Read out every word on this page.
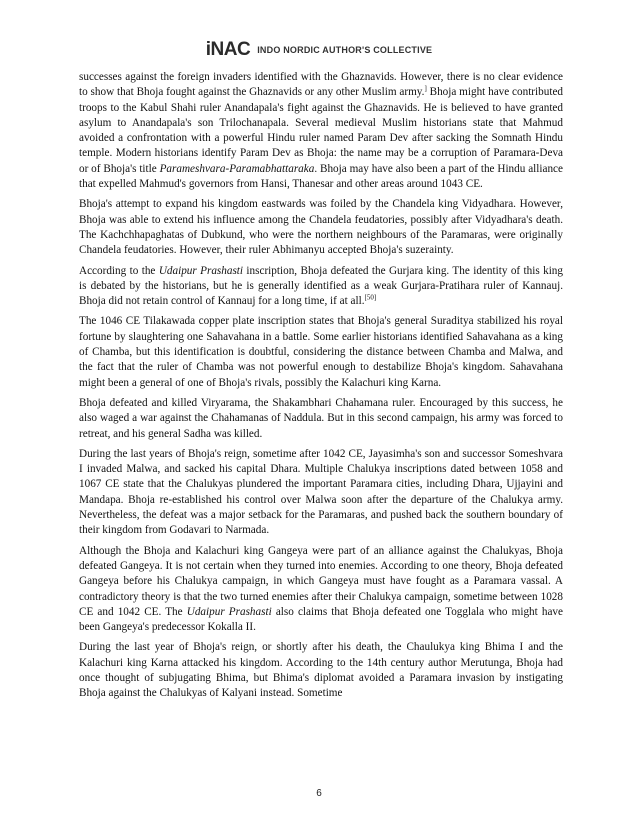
iNAC INDO NORDIC AUTHOR'S COLLECTIVE

successes against the foreign invaders identified with the Ghaznavids. However, there is no clear evidence to show that Bhoja fought against the Ghaznavids or any other Muslim army.] Bhoja might have contributed troops to the Kabul Shahi ruler Anandapala's fight against the Ghaznavids. He is believed to have granted asylum to Anandapala's son Trilochanapala. Several medieval Muslim historians state that Mahmud avoided a confrontation with a powerful Hindu ruler named Param Dev after sacking the Somnath Hindu temple. Modern historians identify Param Dev as Bhoja: the name may be a corruption of Paramara-Deva or of Bhoja's title Parameshvara-Paramabhattaraka. Bhoja may have also been a part of the Hindu alliance that expelled Mahmud's governors from Hansi, Thanesar and other areas around 1043 CE.

Bhoja's attempt to expand his kingdom eastwards was foiled by the Chandela king Vidyadhara. However, Bhoja was able to extend his influence among the Chandela feudatories, possibly after Vidyadhara's death. The Kachchhapaghatas of Dubkund, who were the northern neighbours of the Paramaras, were originally Chandela feudatories. However, their ruler Abhimanyu accepted Bhoja's suzerainty.

According to the Udaipur Prashasti inscription, Bhoja defeated the Gurjara king. The identity of this king is debated by the historians, but he is generally identified as a weak Gurjara-Pratihara ruler of Kannauj. Bhoja did not retain control of Kannauj for a long time, if at all.[50]

The 1046 CE Tilakawada copper plate inscription states that Bhoja's general Suraditya stabilized his royal fortune by slaughtering one Sahavahana in a battle. Some earlier historians identified Sahavahana as a king of Chamba, but this identification is doubtful, considering the distance between Chamba and Malwa, and the fact that the ruler of Chamba was not powerful enough to destabilize Bhoja's kingdom. Sahavahana might been a general of one of Bhoja's rivals, possibly the Kalachuri king Karna.

Bhoja defeated and killed Viryarama, the Shakambhari Chahamana ruler. Encouraged by this success, he also waged a war against the Chahamanas of Naddula. But in this second campaign, his army was forced to retreat, and his general Sadha was killed.

During the last years of Bhoja's reign, sometime after 1042 CE, Jayasimha's son and successor Someshvara I invaded Malwa, and sacked his capital Dhara. Multiple Chalukya inscriptions dated between 1058 and 1067 CE state that the Chalukyas plundered the important Paramara cities, including Dhara, Ujjayini and Mandapa. Bhoja re-established his control over Malwa soon after the departure of the Chalukya army. Nevertheless, the defeat was a major setback for the Paramaras, and pushed back the southern boundary of their kingdom from Godavari to Narmada.

Although the Bhoja and Kalachuri king Gangeya were part of an alliance against the Chalukyas, Bhoja defeated Gangeya. It is not certain when they turned into enemies. According to one theory, Bhoja defeated Gangeya before his Chalukya campaign, in which Gangeya must have fought as a Paramara vassal. A contradictory theory is that the two turned enemies after their Chalukya campaign, sometime between 1028 CE and 1042 CE. The Udaipur Prashasti also claims that Bhoja defeated one Togglala who might have been Gangeya's predecessor Kokalla II.

During the last year of Bhoja's reign, or shortly after his death, the Chaulukya king Bhima I and the Kalachuri king Karna attacked his kingdom. According to the 14th century author Merutunga, Bhoja had once thought of subjugating Bhima, but Bhima's diplomat avoided a Paramara invasion by instigating Bhoja against the Chalukyas of Kalyani instead. Sometime

6
